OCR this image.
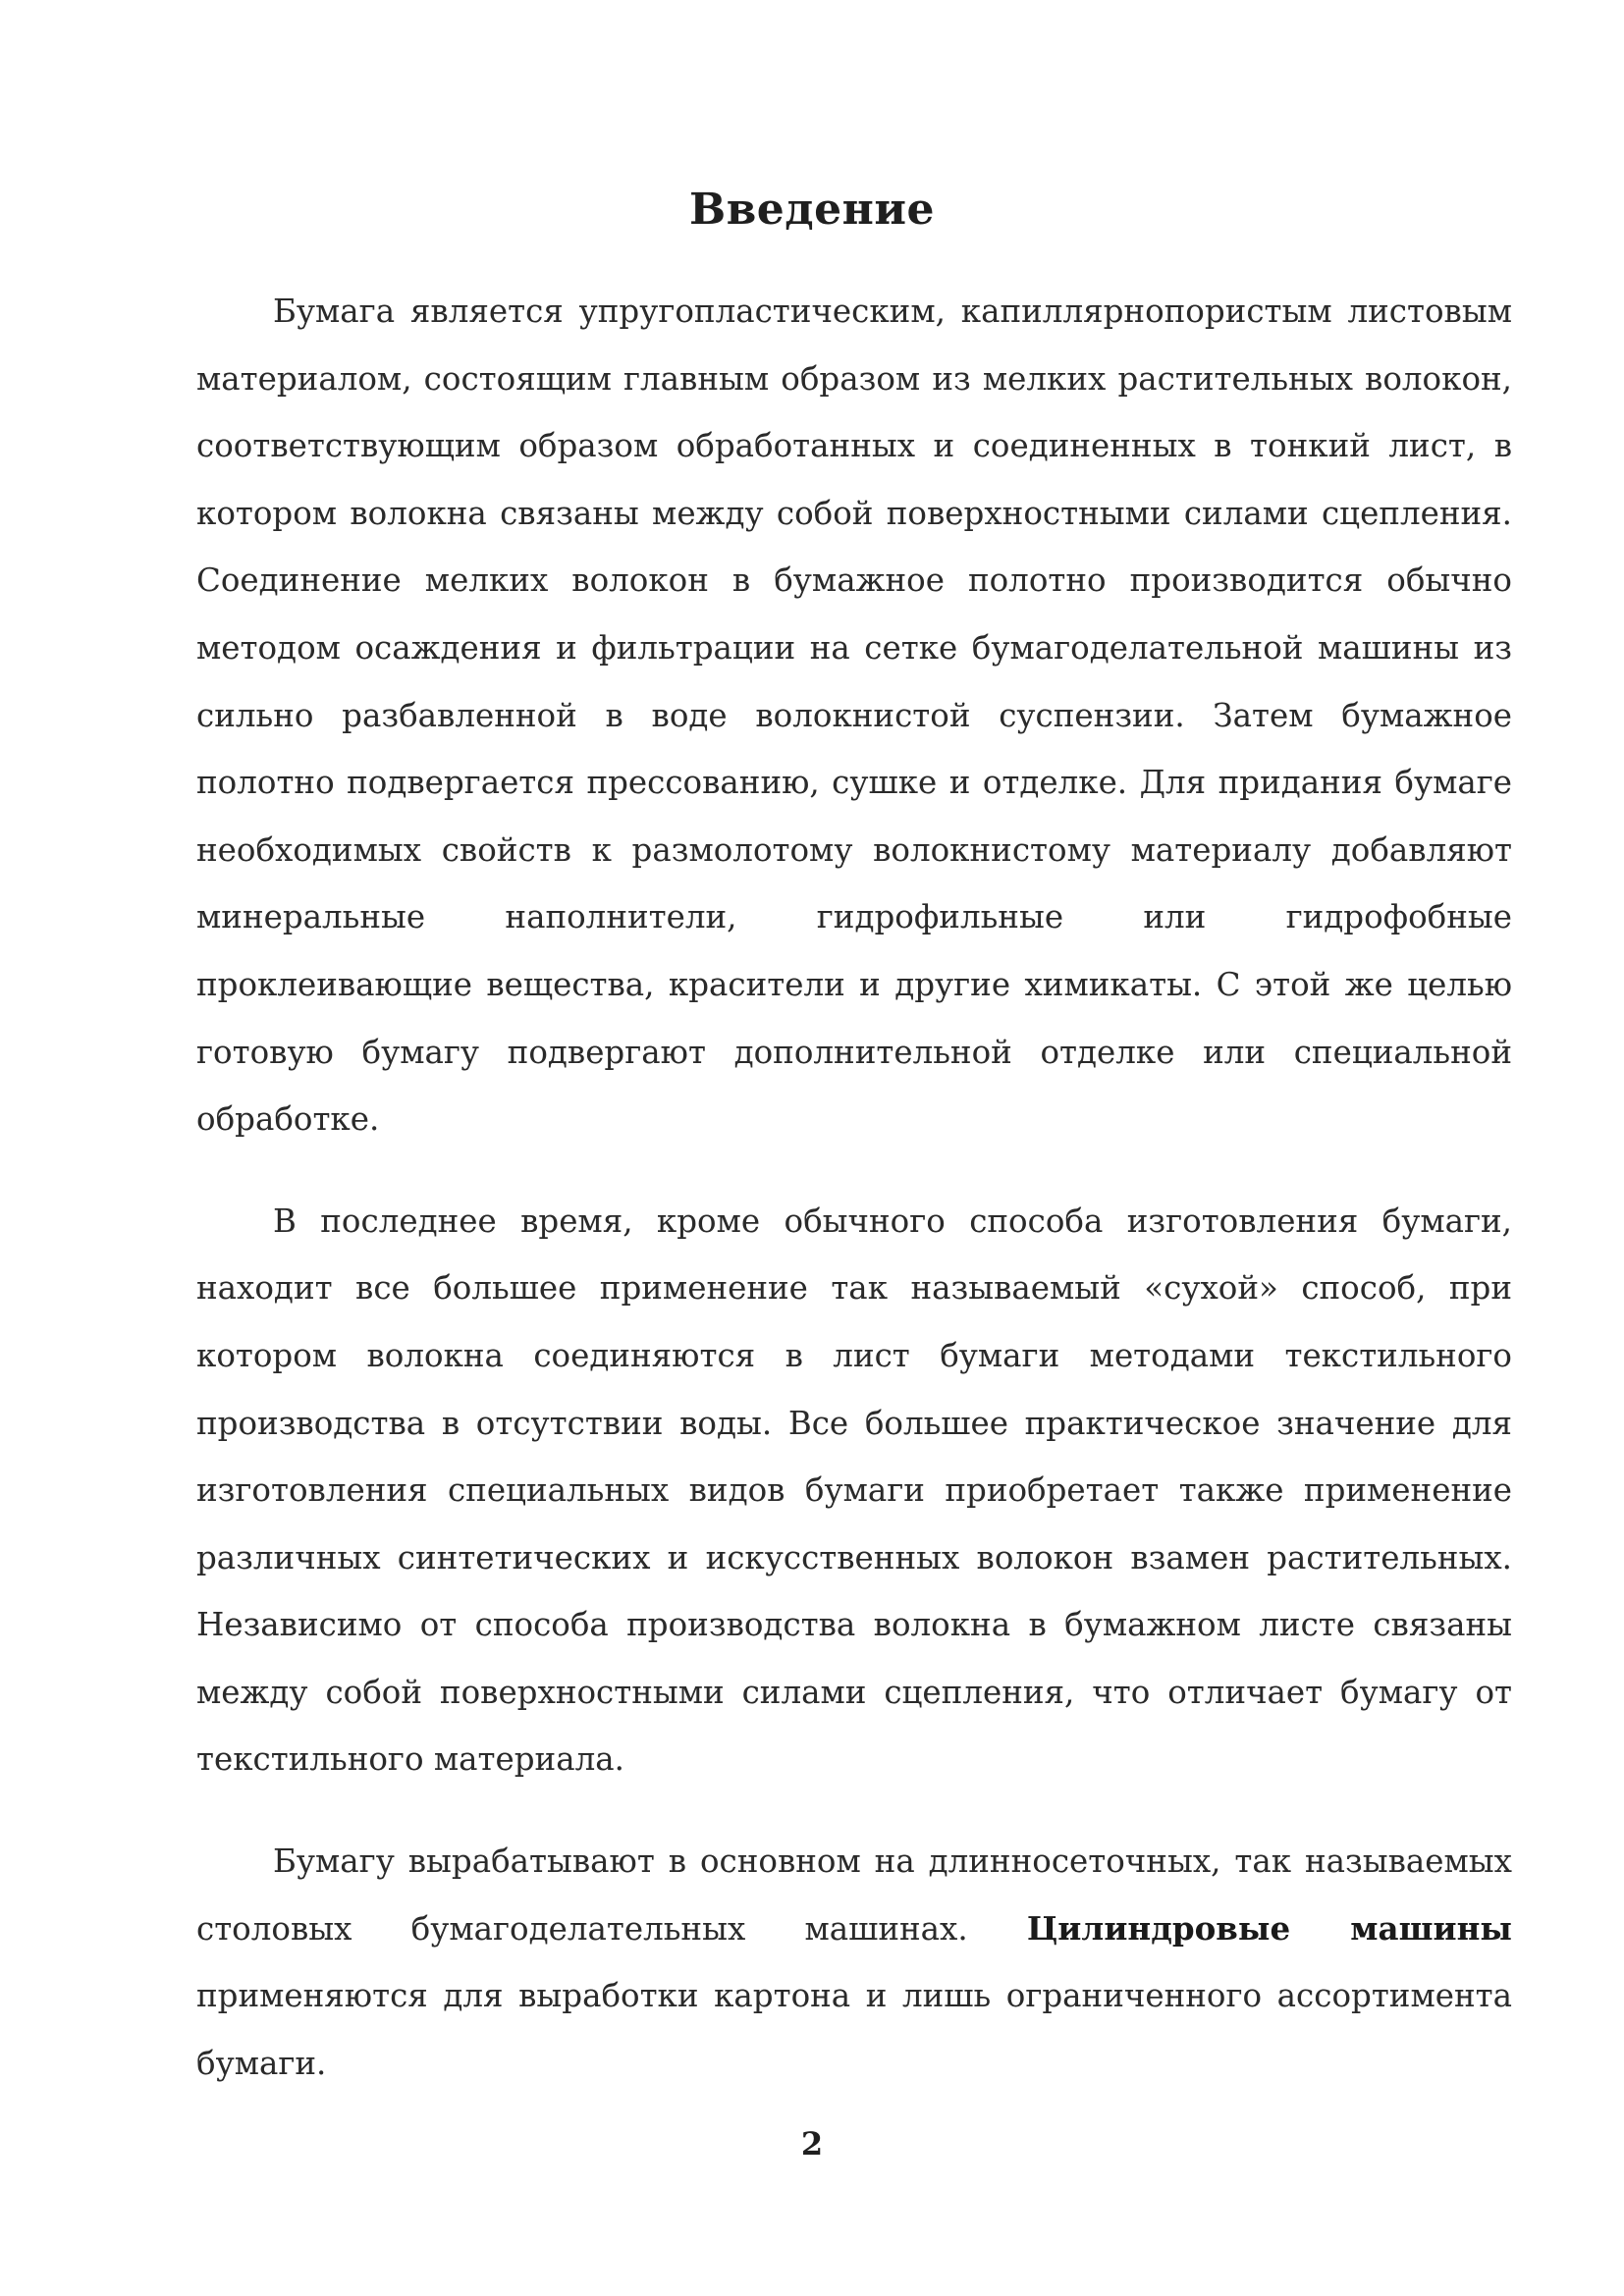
Введение

Бумага является упругопластическим, капиллярнопористым листовым материалом, состоящим главным образом из мелких растительных волокон, соответствующим образом обработанных и соединенных в тонкий лист, в котором волокна связаны между собой поверхностными силами сцепления. Соединение мелких волокон в бумажное полотно производится обычно методом осаждения и фильтрации на сетке бумагоделательной машины из сильно разбавленной в воде волокнистой суспензии. Затем бумажное полотно подвергается прессованию, сушке и отделке. Для придания бумаге необходимых свойств к размолотому волокнистому материалу добавляют минеральные наполнители, гидрофильные или гидрофобные проклеивающие вещества, красители и другие химикаты. С этой же целью готовую бумагу подвергают дополнительной отделке или специальной обработке.

В последнее время, кроме обычного способа изготовления бумаги, находит все большее применение так называемый «сухой» способ, при котором волокна соединяются в лист бумаги методами текстильного производства в отсутствии воды. Все большее практическое значение для изготовления специальных видов бумаги приобретает также применение различных синтетических и искусственных волокон взамен растительных. Независимо от способа производства волокна в бумажном листе связаны между собой поверхностными силами сцепления, что отличает бумагу от текстильного материала.

Бумагу вырабатывают в основном на длинносеточных, так называемых столовых бумагоделательных машинах. Цилиндровые машины применяются для выработки картона и лишь ограниченного ассортимента бумаги.

2
